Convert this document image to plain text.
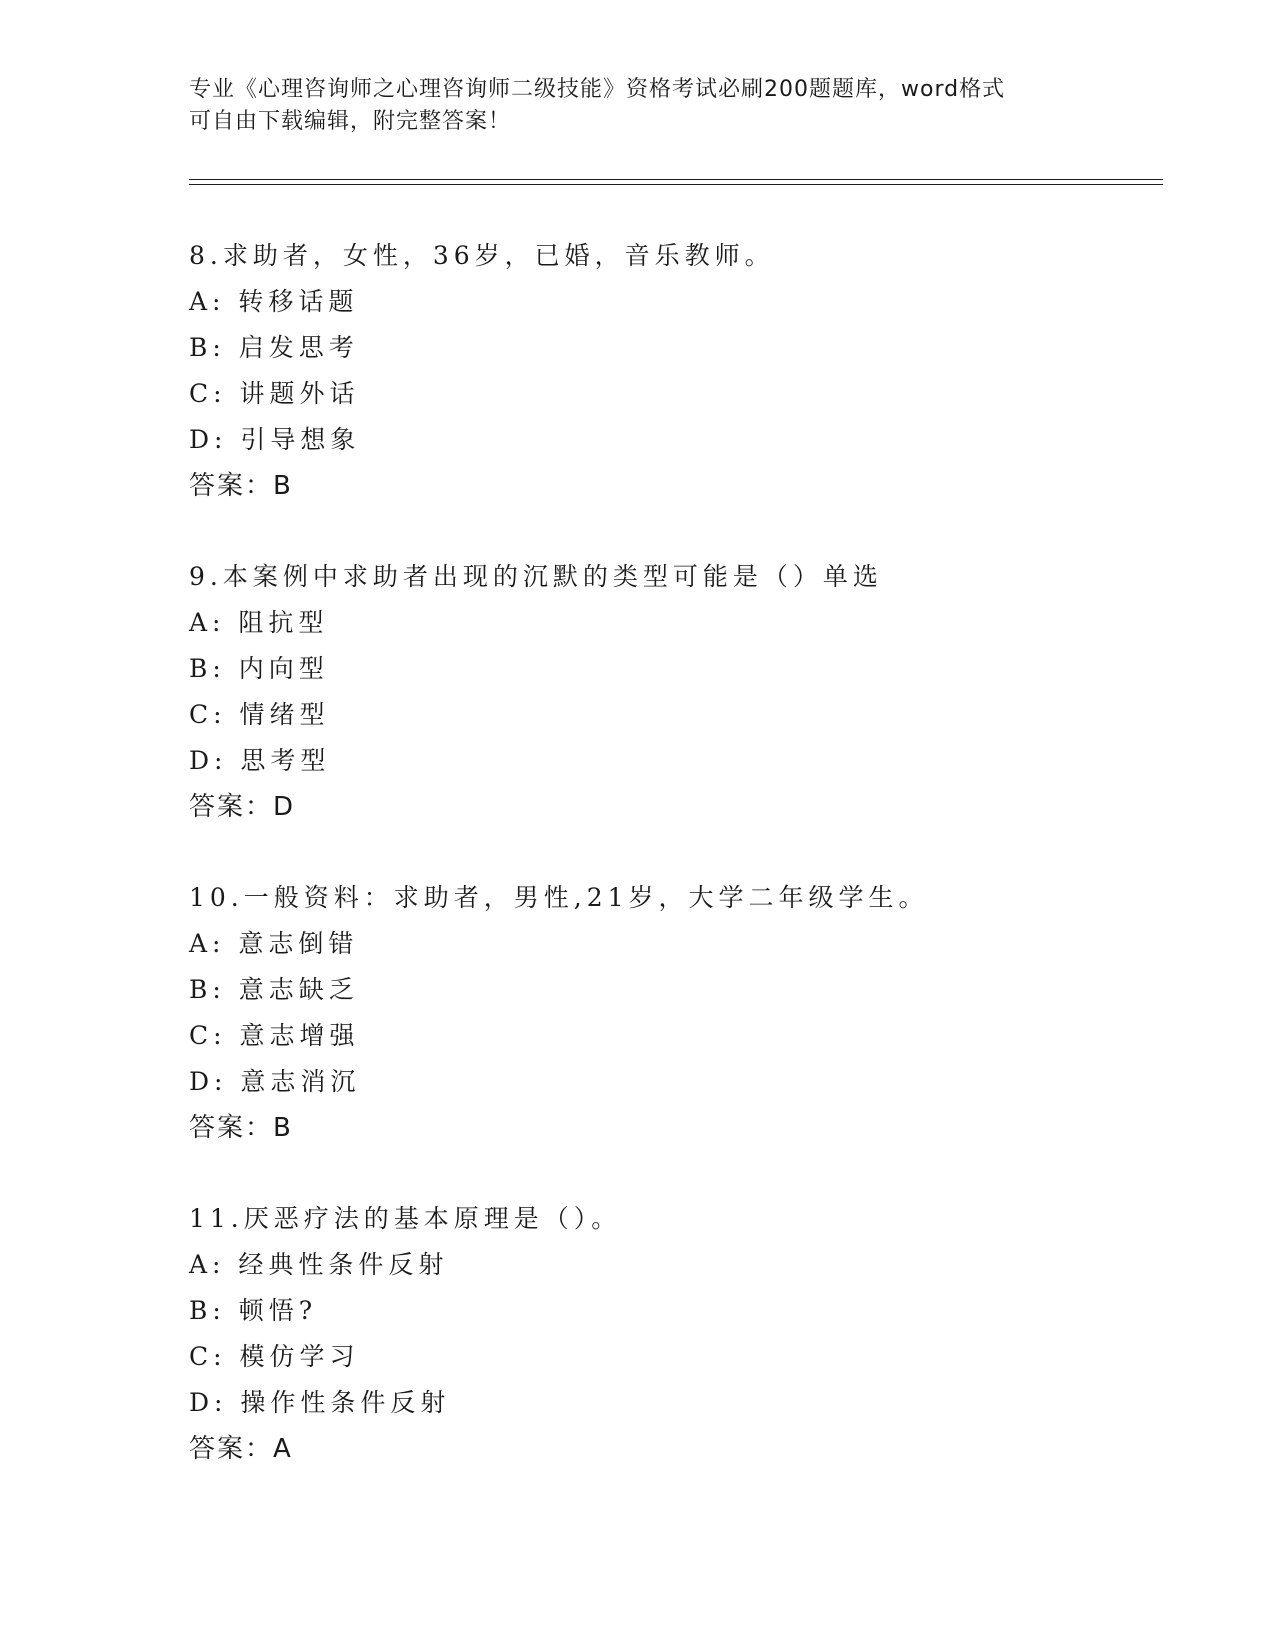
专业《心理咨询师之心理咨询师二级技能》资格考试必刷200题题库，word格式
可自由下载编辑，附完整答案！
8.求助者，女性，36岁，已婚，音乐教师。
A: 转移话题
B: 启发思考
C: 讲题外话
D: 引导想象
答案：B
9.本案例中求助者出现的沉默的类型可能是（）单选
A: 阻抗型
B: 内向型
C: 情绪型
D: 思考型
答案：D
10.一般资料：求助者，男性,21岁，大学二年级学生。
A: 意志倒错
B: 意志缺乏
C: 意志增强
D: 意志消沉
答案：B
11.厌恶疗法的基本原理是（）。
A: 经典性条件反射
B: 顿悟?
C: 模仿学习
D: 操作性条件反射
答案：A
